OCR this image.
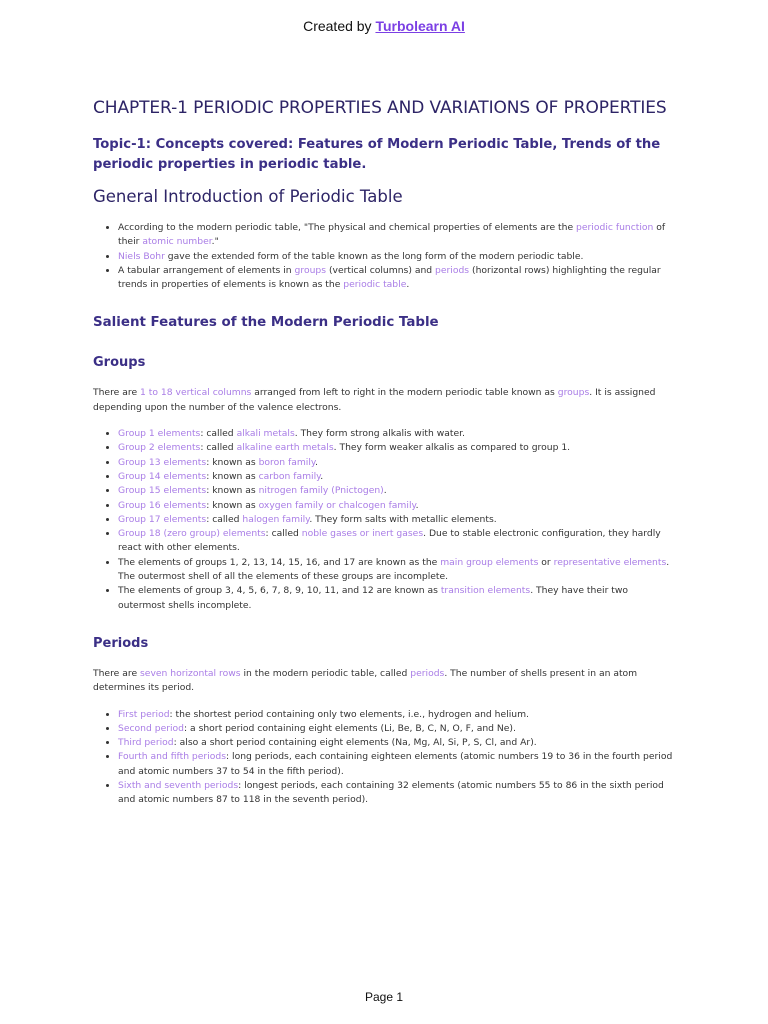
Created by Turbolearn AI
CHAPTER-1 PERIODIC PROPERTIES AND VARIATIONS OF PROPERTIES
Topic-1: Concepts covered: Features of Modern Periodic Table, Trends of the periodic properties in periodic table.
General Introduction of Periodic Table
• According to the modern periodic table, "The physical and chemical properties of elements are the periodic function of their atomic number."
• Niels Bohr gave the extended form of the table known as the long form of the modern periodic table.
• A tabular arrangement of elements in groups (vertical columns) and periods (horizontal rows) highlighting the regular trends in properties of elements is known as the periodic table.
Salient Features of the Modern Periodic Table
Groups

There are 1 to 18 vertical columns arranged from left to right in the modern periodic table known as groups. It is assigned depending upon the number of the valence electrons.

• Group 1 elements: called alkali metals. They form strong alkalis with water.
• Group 2 elements: called alkaline earth metals. They form weaker alkalis as compared to group 1.
• Group 13 elements: known as boron family.
• Group 14 elements: known as carbon family.
• Group 15 elements: known as nitrogen family (Pnictogen).
• Group 16 elements: known as oxygen family or chalcogen family.
• Group 17 elements: called halogen family. They form salts with metallic elements.
• Group 18 (zero group) elements: called noble gases or inert gases. Due to stable electronic configuration, they hardly react with other elements.
• The elements of groups 1, 2, 13, 14, 15, 16, and 17 are known as the main group elements or representative elements. The outermost shell of all the elements of these groups are incomplete.
• The elements of group 3, 4, 5, 6, 7, 8, 9, 10, 11, and 12 are known as transition elements. They have their two outermost shells incomplete.
Periods

There are seven horizontal rows in the modern periodic table, called periods. The number of shells present in an atom determines its period.

• First period: the shortest period containing only two elements, i.e., hydrogen and helium.
• Second period: a short period containing eight elements (Li, Be, B, C, N, O, F, and Ne).
• Third period: also a short period containing eight elements (Na, Mg, Al, Si, P, S, Cl, and Ar).
• Fourth and fifth periods: long periods, each containing eighteen elements (atomic numbers 19 to 36 in the fourth period and atomic numbers 37 to 54 in the fifth period).
• Sixth and seventh periods: longest periods, each containing 32 elements (atomic numbers 55 to 86 in the sixth period and atomic numbers 87 to 118 in the seventh period).
Page 1
